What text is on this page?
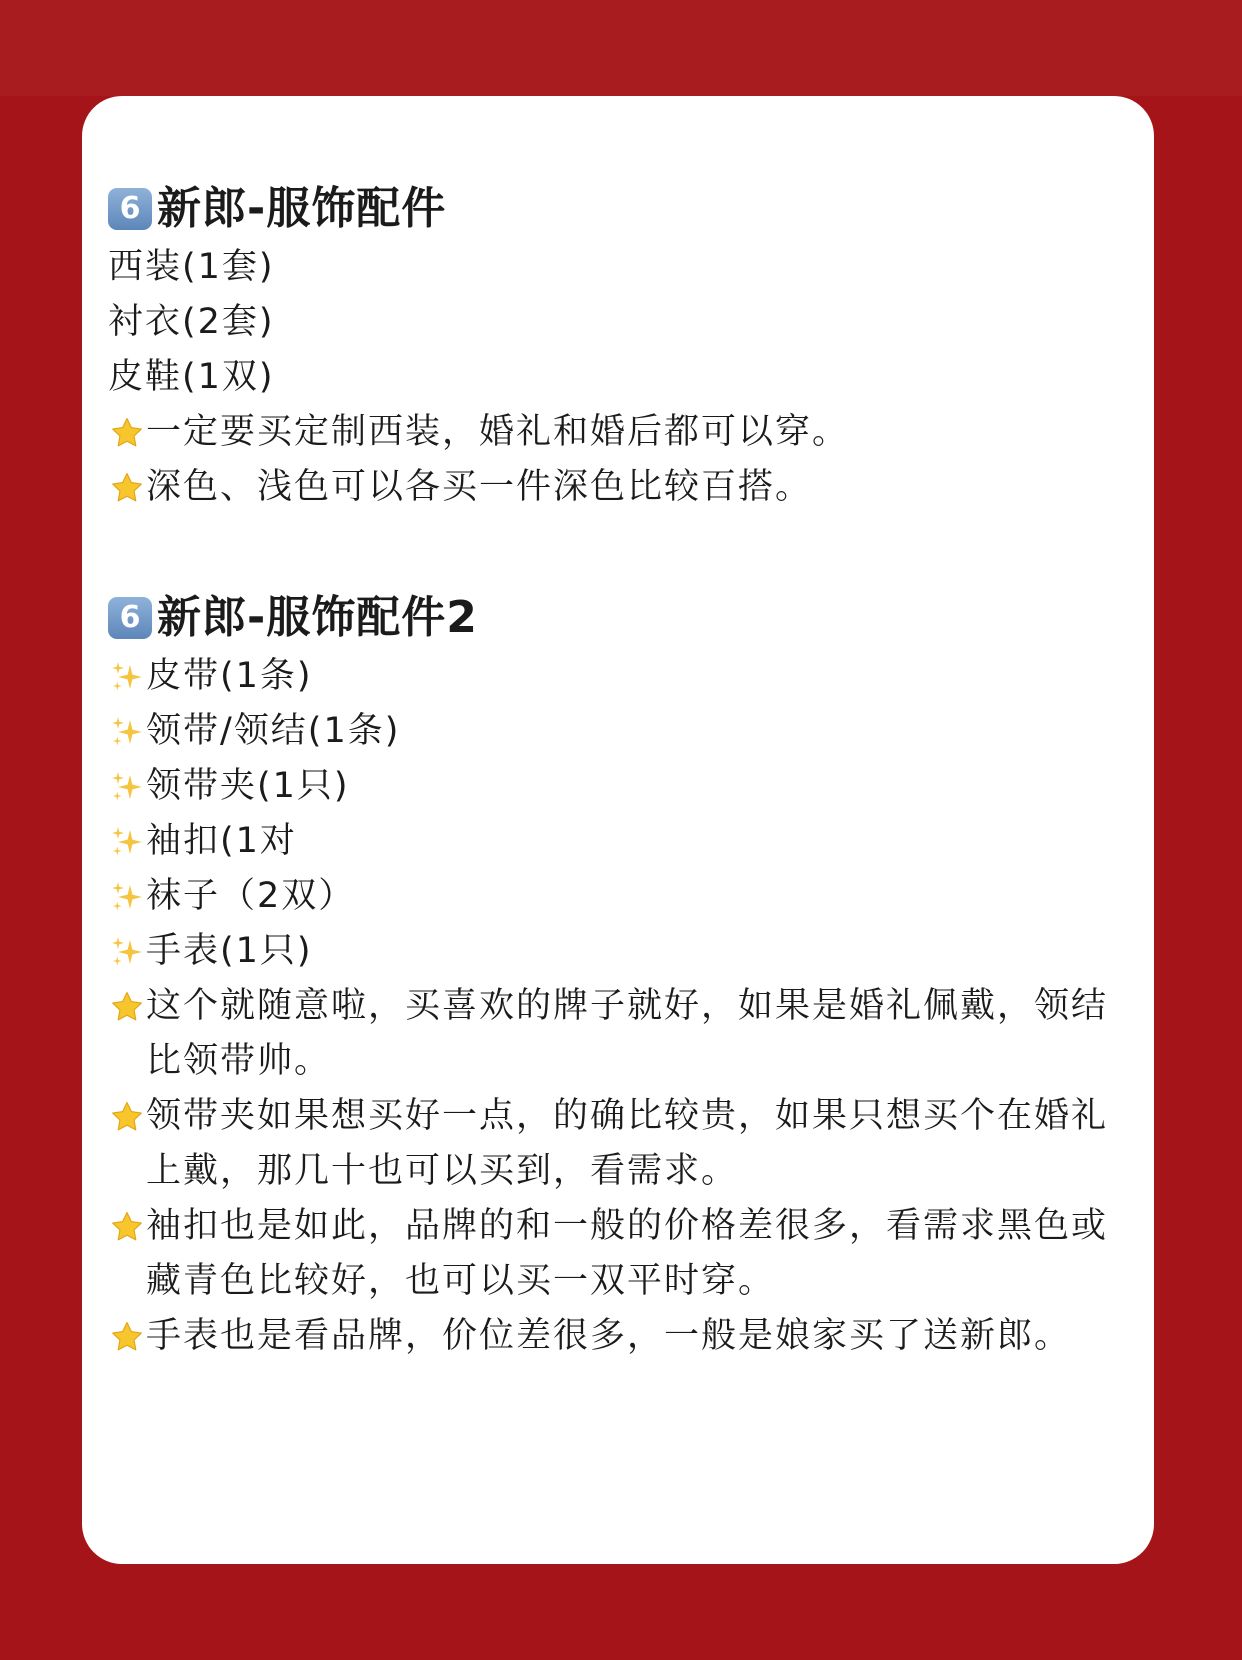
6 新郎-服饰配件
西装(1套)
衬衣(2套)
皮鞋(1双)
一定要买定制西装，婚礼和婚后都可以穿。
深色、浅色可以各买一件深色比较百搭。
6 新郎-服饰配件2
皮带(1条)
领带/领结(1条)
领带夹(1只)
袖扣(1对
袜子（2双）
手表(1只)
这个就随意啦，买喜欢的牌子就好，如果是婚礼佩戴，领结比领带帅。
领带夹如果想买好一点，的确比较贵，如果只想买个在婚礼上戴，那几十也可以买到，看需求。
袖扣也是如此，品牌的和一般的价格差很多，看需求黑色或藏青色比较好，也可以买一双平时穿。
手表也是看品牌，价位差很多，一般是娘家买了送新郎。
